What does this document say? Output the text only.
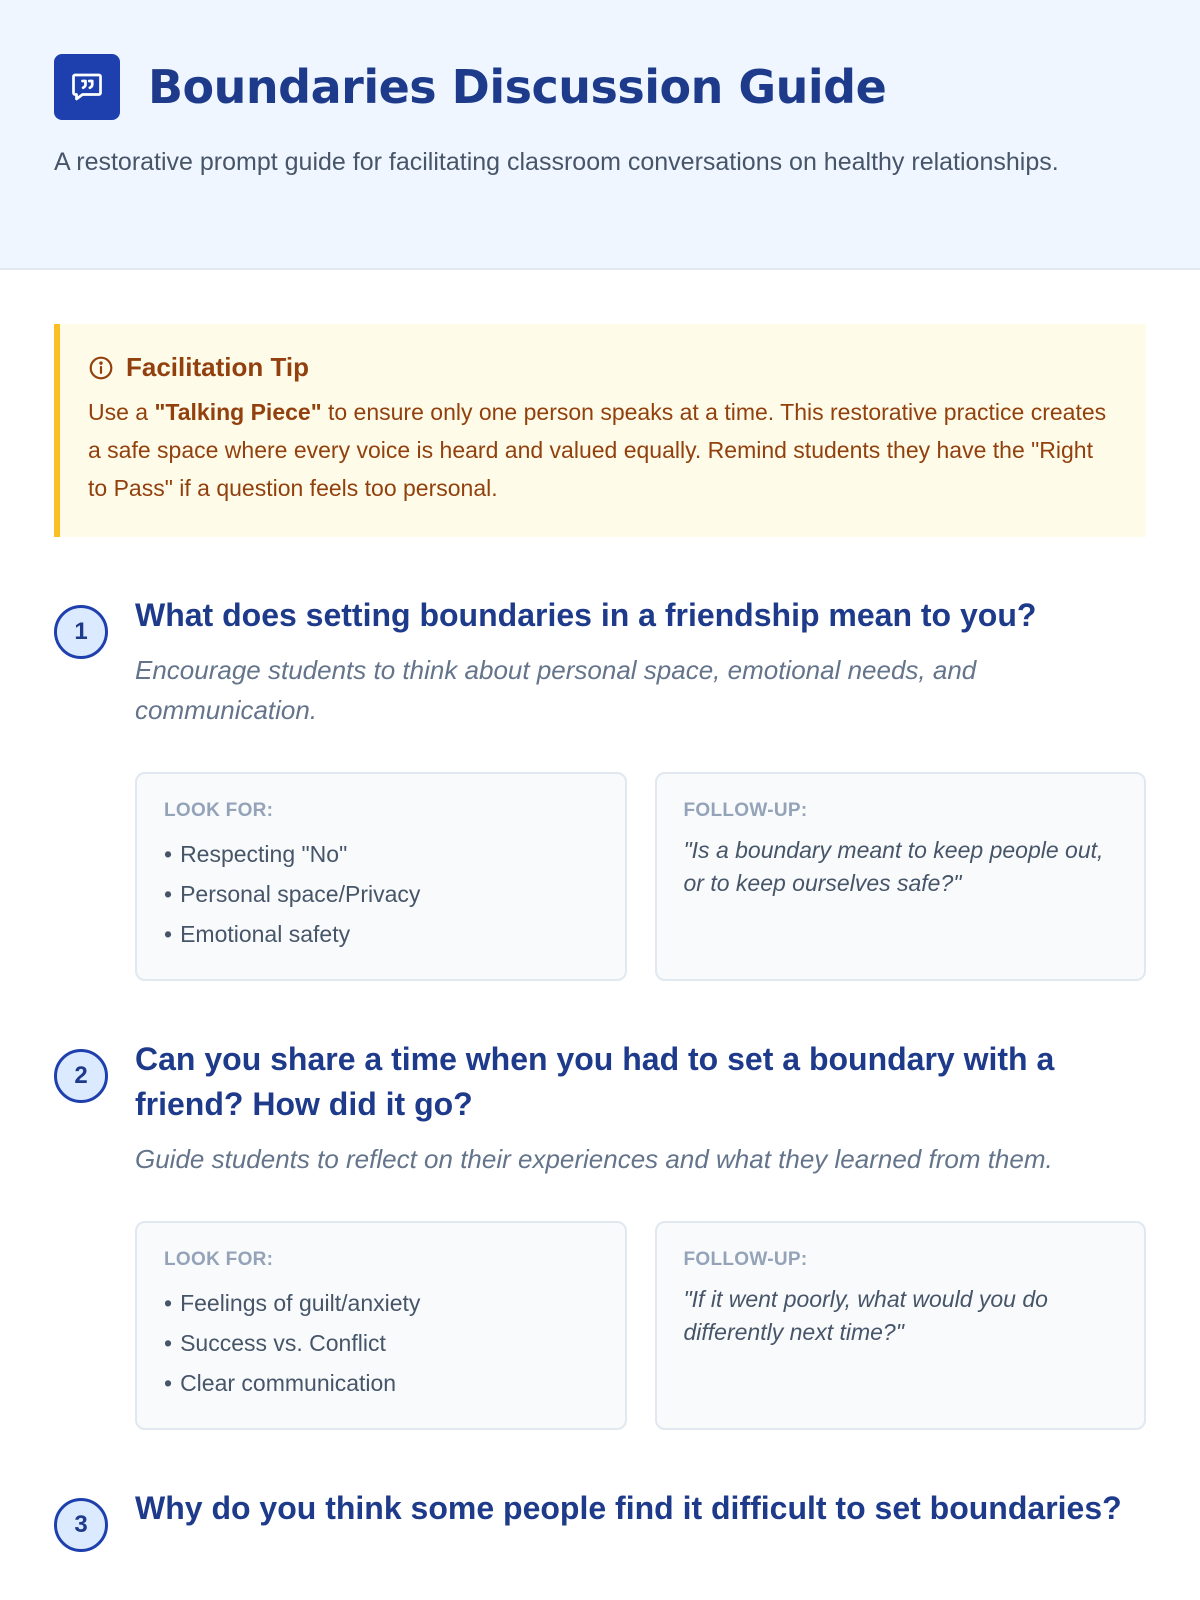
Boundaries Discussion Guide

A restorative prompt guide for facilitating classroom conversations on healthy relationships.

Facilitation Tip

Use a "Talking Piece" to ensure only one person speaks at a time. This restorative practice creates a safe space where every voice is heard and valued equally. Remind students they have the "Right to Pass" if a question feels too personal.

1	What does setting boundaries in a friendship mean to you?

Encourage students to think about personal space, emotional needs, and communication.

LOOK FOR:
• Respecting "No"
• Personal space/Privacy
• Emotional safety
FOLLOW-UP:

"Is a boundary meant to keep people out, or to keep ourselves safe?"

2	Can you share a time when you had to set a boundary with a friend? How did it go?

Guide students to reflect on their experiences and what they learned from them.

LOOK FOR:
• Feelings of guilt/anxiety
• Success vs. Conflict
• Clear communication
FOLLOW-UP:

"If it went poorly, what would you do differently next time?"

3	Why do you think some people find it difficult to set boundaries?
